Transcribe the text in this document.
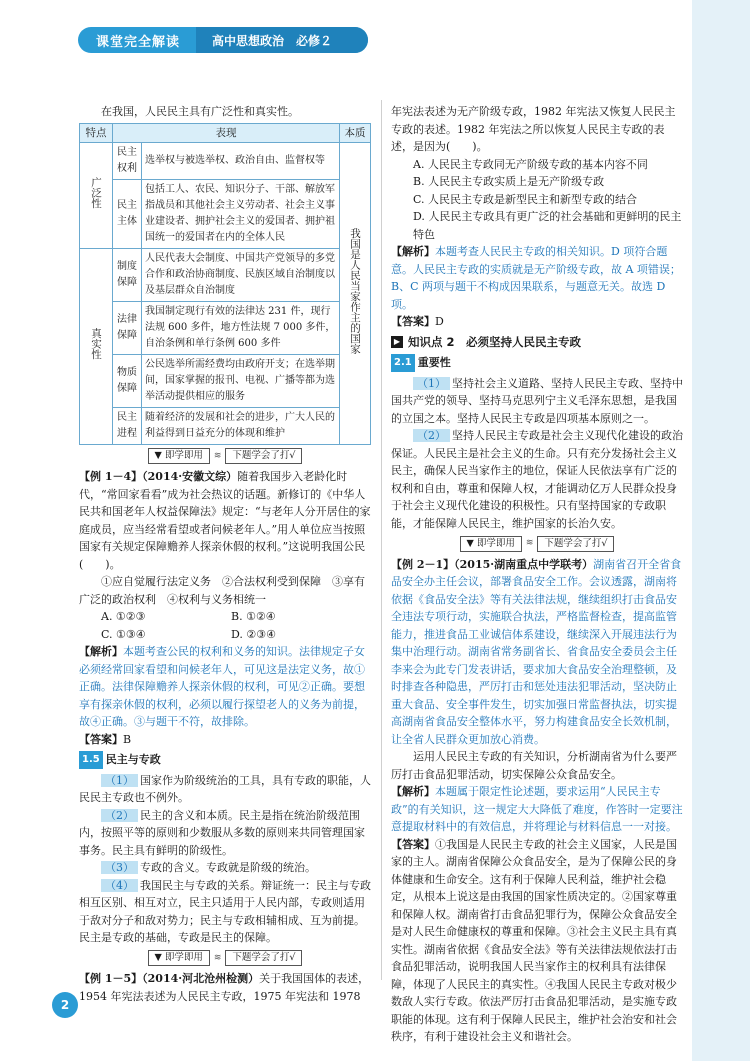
课堂完全解读	高中思想政治　必修２

在我国，人民民主具有广泛性和真实性。

特点	表现		本质
广泛性	民主权利	选举权与被选举权、政治自由、监督权等	我国是人民当家作主的国家
	民主主体	包括工人、农民、知识分子、干部、解放军指战员和其他社会主义劳动者、社会主义事业建设者、拥护社会主义的爱国者、拥护祖国统一的爱国者在内的全体人民	
真实性	制度保障	人民代表大会制度、中国共产党领导的多党合作和政治协商制度、民族区域自治制度以及基层群众自治制度	
	法律保障	我国制定现行有效的法律达 231 件，现行法规 600 多件，地方性法规 7 000 多件，自治条例和单行条例 600 多件	
	物质保障	公民选举所需经费均由政府开支；在选举期间，国家掌握的报刊、电视、广播等都为选举活动提供相应的服务	
	民主进程	随着经济的发展和社会的进步，广大人民的利益得到日益充分的体现和维护	
▼ 即学即用	≋	下题学会了打√

【例 1－4】（2014·安徽文综）随着我国步入老龄化时代，“常回家看看”成为社会热议的话题。新修订的《中华人民共和国老年人权益保障法》规定：“与老年人分开居住的家庭成员，应当经常看望或者问候老年人。”用人单位应当按照国家有关规定保障赡养人探亲休假的权利。”这说明我国公民(　　)。

①应自觉履行法定义务　②合法权利受到保障　③享有广泛的政治权利　④权利与义务相统一

A. ①②③	B. ①②④

C. ①③④	D. ②③④

【解析】本题考查公民的权利和义务的知识。法律规定子女必须经常回家看望和问候老年人，可见这是法定义务，故①正确。法律保障赡养人探亲休假的权利，可见②正确。要想享有探亲休假的权利，必须以履行探望老人的义务为前提，故④正确。③与题干不符，故排除。

【答案】B

1.5 民主与专政

（1） 国家作为阶级统治的工具，具有专政的职能，人民民主专政也不例外。

（2） 民主的含义和本质。民主是指在统治阶级范围内，按照平等的原则和少数服从多数的原则来共同管理国家事务。民主具有鲜明的阶级性。

（3） 专政的含义。专政就是阶级的统治。

（4） 我国民主与专政的关系。辩证统一：民主与专政相互区别、相互对立，民主只适用于人民内部，专政则适用于敌对分子和敌对势力；民主与专政相辅相成、互为前提。民主是专政的基础，专政是民主的保障。

▼ 即学即用	≋	下题学会了打√

【例 1－5】（2014·河北沧州检测）关于我国国体的表述，1954 年宪法表述为人民民主专政，1975 年宪法和 1978

年宪法表述为无产阶级专政，1982 年宪法又恢复人民民主专政的表述。1982 年宪法之所以恢复人民民主专政的表述，是因为(　　)。

A. 人民民主专政同无产阶级专政的基本内容不同

B. 人民民主专政实质上是无产阶级专政

C. 人民民主专政是新型民主和新型专政的结合

D. 人民民主专政具有更广泛的社会基础和更鲜明的民主特色

【解析】本题考查人民民主专政的相关知识。D 项符合题意。人民民主专政的实质就是无产阶级专政，故 A 项错误；B、C 两项与题干不构成因果联系，与题意无关。故选 D 项。

【答案】D

▶ 知识点 2　必须坚持人民民主专政
2.1 重要性

（1） 坚持社会主义道路、坚持人民民主专政、坚持中国共产党的领导、坚持马克思列宁主义毛泽东思想，是我国的立国之本。坚持人民民主专政是四项基本原则之一。

（2） 坚持人民民主专政是社会主义现代化建设的政治保证。人民民主是社会主义的生命。只有充分发扬社会主义民主，确保人民当家作主的地位，保证人民依法享有广泛的权利和自由，尊重和保障人权，才能调动亿万人民群众投身于社会主义现代化建设的积极性。只有坚持国家的专政职能，才能保障人民民主，维护国家的长治久安。

▼ 即学即用	≋	下题学会了打√

【例 2－1】（2015·湖南重点中学联考）湖南省召开全省食品安全办主任会议，部署食品安全工作。会议透露，湖南将依据《食品安全法》等有关法律法规，继续组织打击食品安全违法专项行动，实施联合执法，严格监督检查，提高监管能力，推进食品工业诚信体系建设，继续深入开展违法行为集中治理行动。湖南省常务副省长、省食品安全委员会主任李来会为此专门发表讲话，要求加大食品安全治理整顿，及时排查各种隐患，严厉打击和惩处违法犯罪活动，坚决防止重大食品、安全事件发生，切实加强日常监督执法，切实提高湖南省食品安全整体水平，努力构建食品安全长效机制，让全省人民群众更加放心消费。

运用人民民主专政的有关知识，分析湖南省为什么要严厉打击食品犯罪活动，切实保障公众食品安全。

【解析】本题属于限定性论述题，要求运用“人民民主专政”的有关知识，这一规定大大降低了难度，作答时一定要注意提取材料中的有效信息，并将理论与材料信息一一对接。

【答案】①我国是人民民主专政的社会主义国家，人民是国家的主人。湖南省保障公众食品安全，是为了保障公民的身体健康和生命安全。这有利于保障人民利益，维护社会稳定，从根本上说这是由我国的国家性质决定的。②国家尊重和保障人权。湖南省打击食品犯罪行为，保障公众食品安全是对人民生命健康权的尊重和保障。③社会主义民主具有真实性。湖南省依据《食品安全法》等有关法律法规依法打击食品犯罪活动，说明我国人民当家作主的权利具有法律保障，体现了人民民主的真实性。④我国人民民主专政对极少数敌人实行专政。依法严厉打击食品犯罪活动，是实施专政职能的体现。这有利于保障人民民主，维护社会治安和社会秩序，有利于建设社会主义和谐社会。

2
